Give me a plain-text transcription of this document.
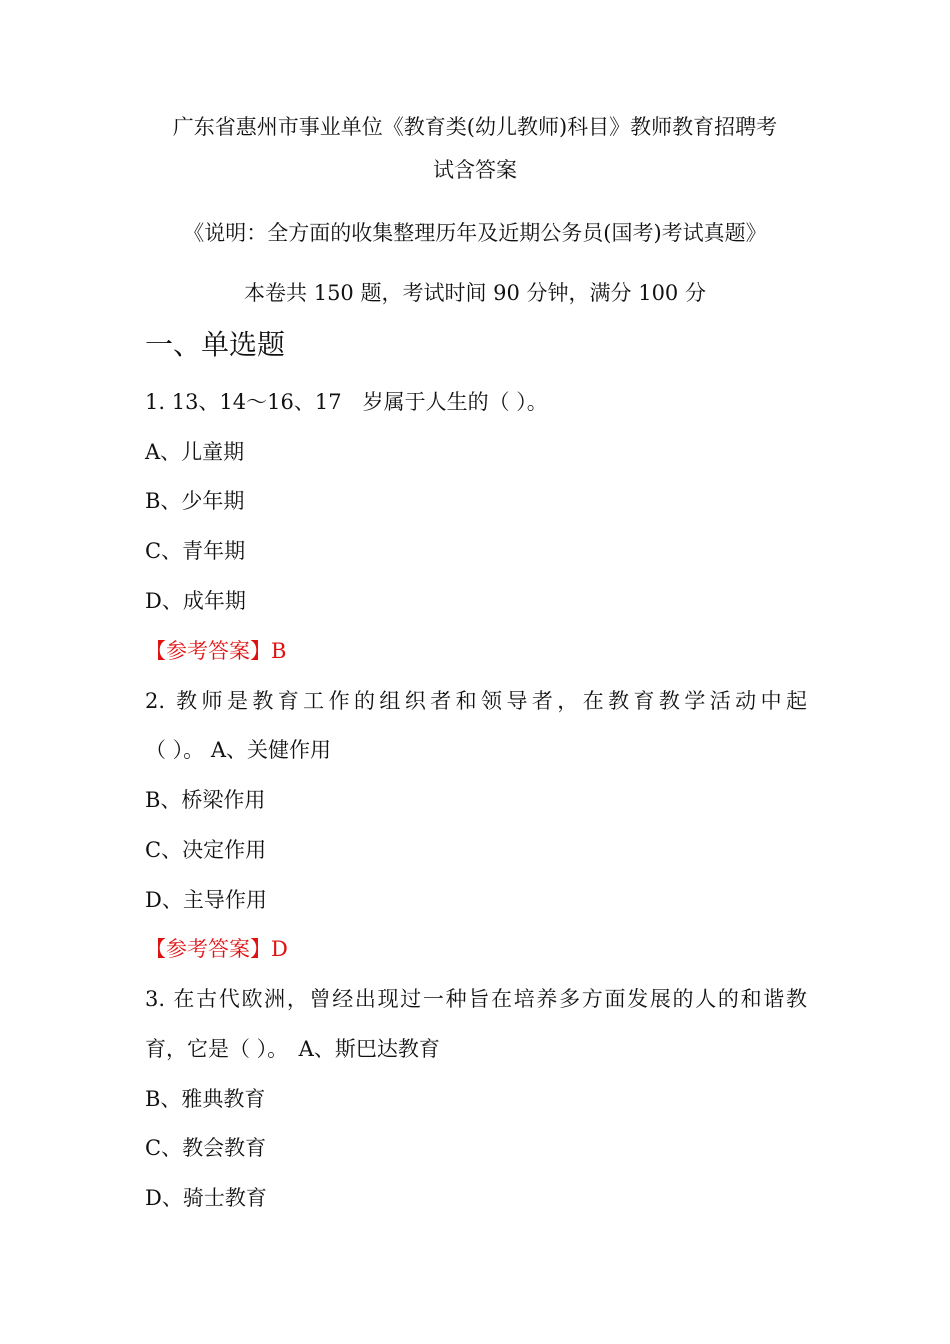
广东省惠州市事业单位《教育类(幼儿教师)科目》教师教育招聘考
试含答案
《说明：全方面的收集整理历年及近期公务员(国考)考试真题》
本卷共 150 题，考试时间 90 分钟，满分 100 分
一、单选题
1. 13、14～16、17　岁属于人生的（ ）。
A、儿童期
B、少年期
C、青年期
D、成年期
【参考答案】B
2. 教师是教育工作的组织者和领导者，在教育教学活动中起
（ ）。 A、关健作用
B、桥梁作用
C、决定作用
D、主导作用
【参考答案】D
3. 在古代欧洲，曾经出现过一种旨在培养多方面发展的人的和谐教
育，它是（ ）。　A、斯巴达教育
B、雅典教育
C、教会教育
D、骑士教育
